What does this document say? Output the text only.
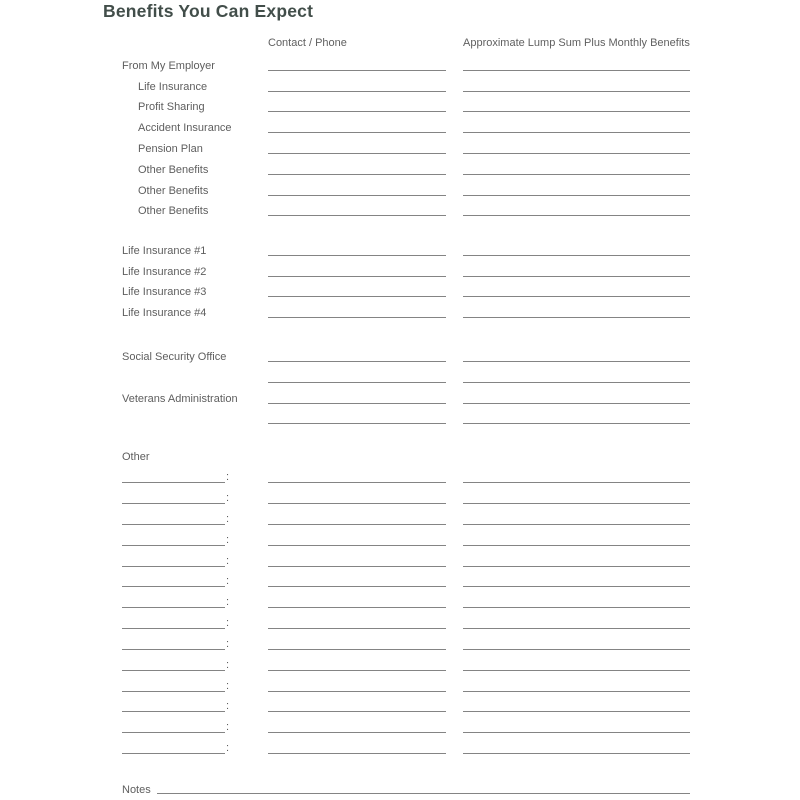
Benefits You Can Expect
Contact / Phone	Approximate Lump Sum Plus Monthly Benefits
From My Employer
Life Insurance
Profit Sharing
Accident Insurance
Pension Plan
Other Benefits
Other Benefits
Other Benefits
Life Insurance #1
Life Insurance #2
Life Insurance #3
Life Insurance #4
Social Security Office
Veterans Administration
Other
:
:
:
:
:
:
:
:
:
:
:
:
:
:
Notes
